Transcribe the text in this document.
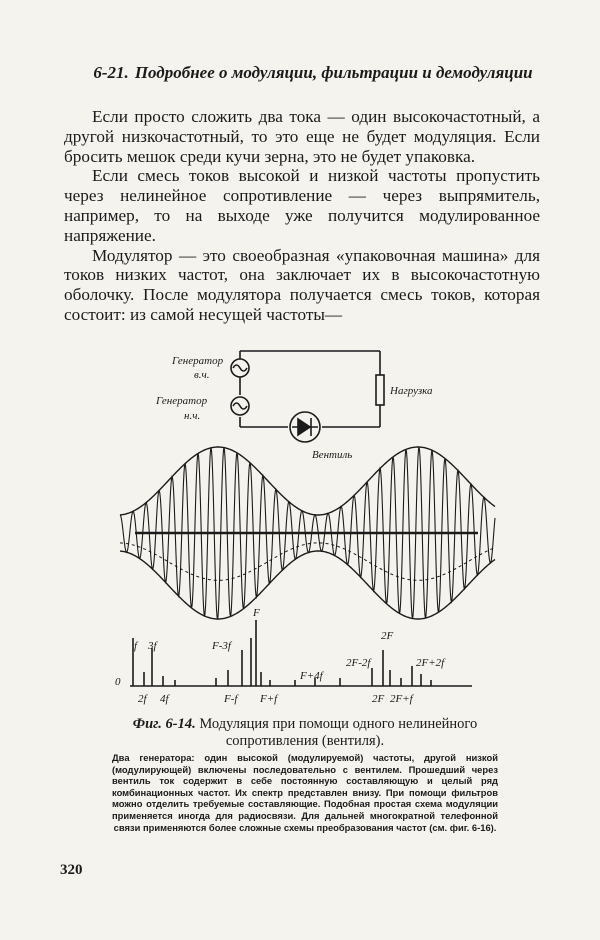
6-21. Подробнее о модуляции, фильтрации и демодуляции

Если просто сложить два тока — один высокочастотный, а другой низкочастотный, то это еще не будет модуляция. Если бросить мешок среди кучи зерна, это не будет упаковка.

Если смесь токов высокой и низкой частоты пропустить через нелинейное сопротивление — через выпрямитель, например, то на выходе уже получится модулированное напряжение.

Модулятор — это своеобразная «упаковочная машина» для токов низких частот, она заключает их в высокочастотную оболочку. После модулятора получается смесь токов, которая состоит: из самой несущей частоты—

Генератор
в.ч.
Генератор
н.ч.
Нагрузка
Вентиль
0
f 3f	F-3f
F
F+4f
2F-2f
2F
2F+2f
2f 4f	F-f F+f	2F 2F+f
Фиг. 6-14. Модуляция при помощи одного нелинейного сопротивления (вентиля).
Два генератора: один высокой (модулируемой) частоты, другой низкой (модулирующей) включены последовательно с вентилем. Прошедший через вентиль ток содержит в себе постоянную составляющую и целый ряд комбинационных частот. Их спектр представлен внизу. При помощи фильтров можно отделить требуемые составляющие. Подобная простая схема модуляции применяется иногда для радиосвязи. Для дальней многократной телефонной связи применяются более сложные схемы преобразования частот (см. фиг. 6-16).
320
